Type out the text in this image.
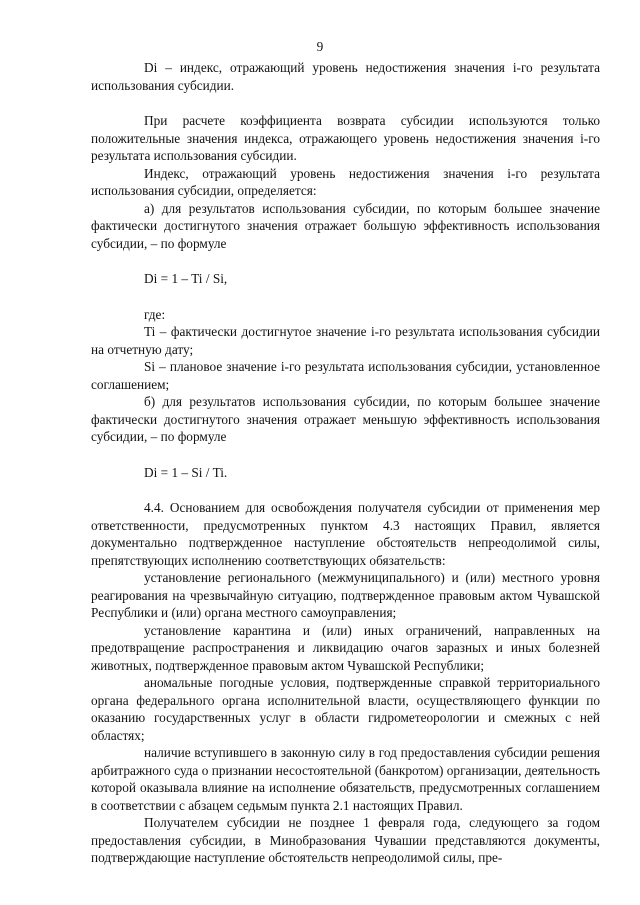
9

Di – индекс, отражающий уровень недостижения значения i-го результата использования субсидии.

При расчете коэффициента возврата субсидии используются только положительные значения индекса, отражающего уровень недостижения значения i-го результата использования субсидии.

Индекс, отражающий уровень недостижения значения i-го результата использования субсидии, определяется:

а) для результатов использования субсидии, по которым большее значение фактически достигнутого значения отражает большую эффективность использования субсидии, – по формуле

Di = 1 – Ti / Si,

где:

Ti – фактически достигнутое значение i-го результата использования субсидии на отчетную дату;

Si – плановое значение i-го результата использования субсидии, установленное соглашением;

б) для результатов использования субсидии, по которым большее значение фактически достигнутого значения отражает меньшую эффективность использования субсидии, – по формуле

Di = 1 – Si / Ti.

4.4. Основанием для освобождения получателя субсидии от применения мер ответственности, предусмотренных пунктом 4.3 настоящих Правил, является документально подтвержденное наступление обстоятельств непреодолимой силы, препятствующих исполнению соответствующих обязательств:

установление регионального (межмуниципального) и (или) местного уровня реагирования на чрезвычайную ситуацию, подтвержденное правовым актом Чувашской Республики и (или) органа местного самоуправления;

установление карантина и (или) иных ограничений, направленных на предотвращение распространения и ликвидацию очагов заразных и иных болезней животных, подтвержденное правовым актом Чувашской Республики;

аномальные погодные условия, подтвержденные справкой территориального органа федерального органа исполнительной власти, осуществляющего функции по оказанию государственных услуг в области гидрометеорологии и смежных с ней областях;

наличие вступившего в законную силу в год предоставления субсидии решения арбитражного суда о признании несостоятельной (банкротом) организации, деятельность которой оказывала влияние на исполнение обязательств, предусмотренных соглашением в соответствии с абзацем седьмым пункта 2.1 настоящих Правил.

Получателем субсидии не позднее 1 февраля года, следующего за годом предоставления субсидии, в Минобразования Чувашии представляются документы, подтверждающие наступление обстоятельств непреодолимой силы, пре-
